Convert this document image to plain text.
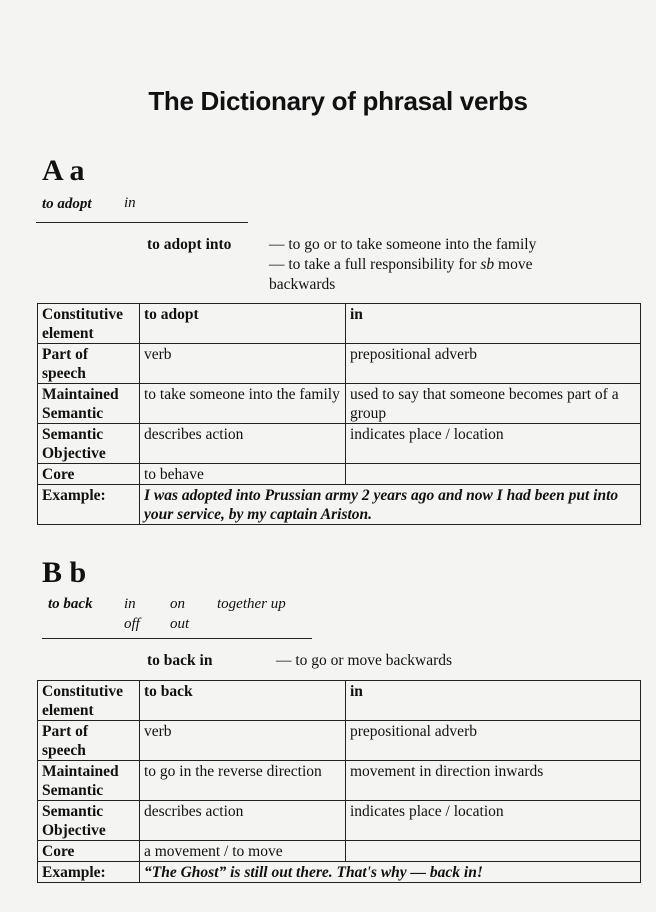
The Dictionary of phrasal verbs
A a
to adopt in
to adopt into — to go or to take someone into the family
— to take a full responsibility for sb move
backwards
Constitutive element	to adopt	in
Part of speech	verb	prepositional adverb
Maintained Semantic	to take someone into the family	used to say that someone becomes part of a group
Semantic Objective	describes action	indicates place / location
Core	to behave	
Example:	I was adopted into Prussian army 2 years ago and now I had been put into your service, by my captain Ariston.	
B b
to back in on together up
off out
to back in	— to go or move backwards
Constitutive element	to back	in
Part of speech	verb	prepositional adverb
Maintained Semantic	to go in the reverse direction	movement in direction inwards
Semantic Objective	describes action	indicates place / location
Core	a movement / to move	
Example:	“The Ghost” is still out there. That's why — back in!	
